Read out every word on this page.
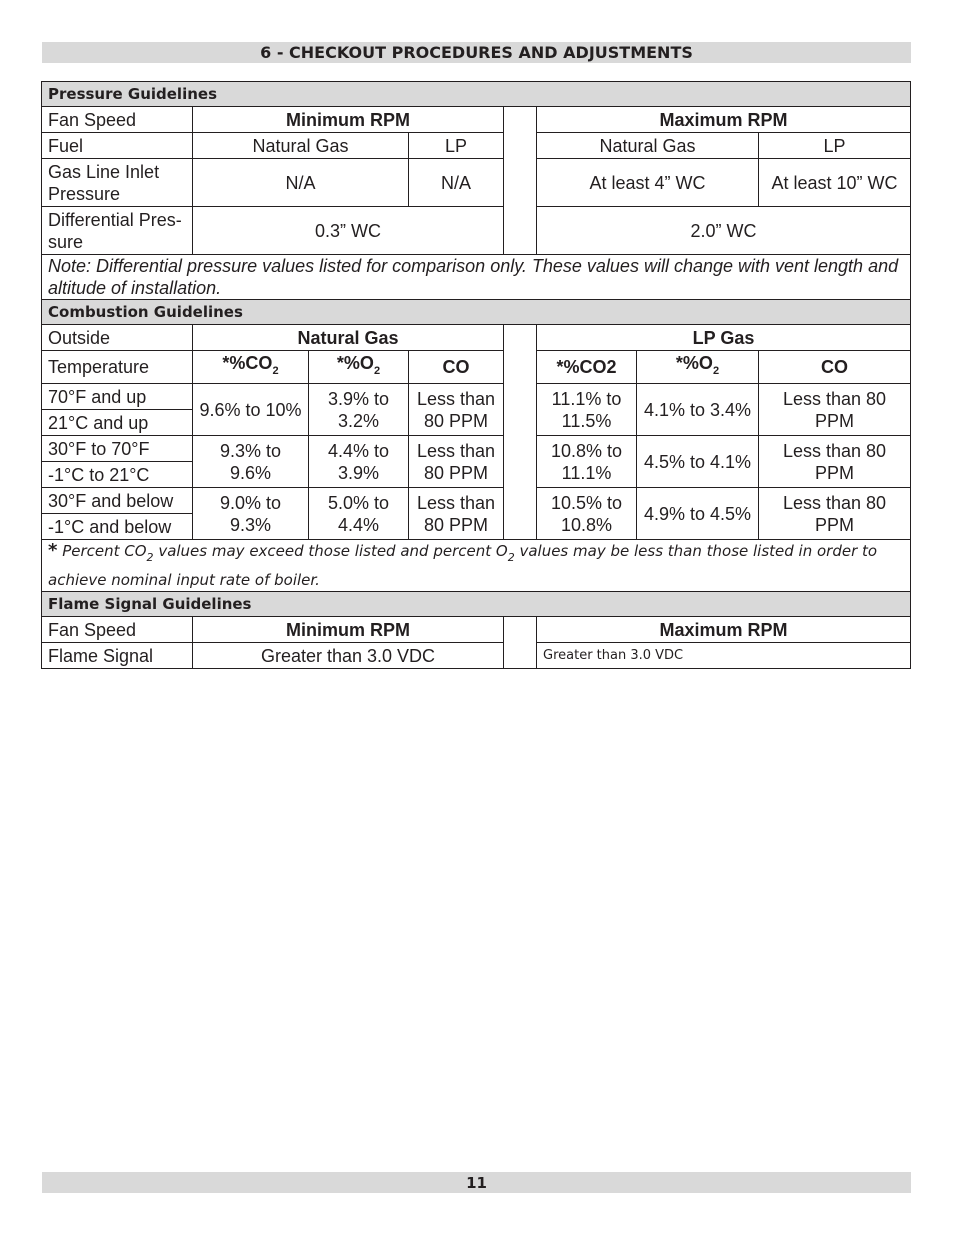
6 - CHECKOUT PROCEDURES AND ADJUSTMENTS
Pressure Guidelines							
Fan Speed	Minimum RPM				Maximum RPM		
Fuel	Natural Gas		LP		Natural Gas		LP
Gas Line Inlet Pressure	N/A		N/A		At least 4” WC		At least 10” WC
Differential Pres-sure	0.3” WC				2.0” WC		
Note: Differential pressure values listed for comparison only. These values will change with vent length and altitude of installation.							
Combustion Guidelines							
Outside	Natural Gas				LP Gas		
Temperature	$*\%CO_2$	$*\%O_2$	CO		*%CO2	$*\%O_2$	CO
70°F and up	9.6% to 10%	3.9% to 3.2%	Less than 80 PPM		11.1% to 11.5%	4.1% to 3.4%	Less than 80 PPM
21°C and up							
30°F to 70°F	9.3% to 9.6%	4.4% to 3.9%	Less than 80 PPM		10.8% to 11.1%	4.5% to 4.1%	Less than 80 PPM
-1°C to 21°C							
30°F and below	9.0% to 9.3%	5.0% to 4.4%	Less than 80 PPM		10.5% to 10.8%	4.9% to 4.5%	Less than 80 PPM
-1°C and below							
* Percent $CO_2$ values may exceed those listed and percent $O_2$ values may be less than those listed in order to achieve nominal input rate of boiler.							
Flame Signal Guidelines							
Fan Speed	Minimum RPM				Maximum RPM		
Flame Signal	Greater than 3.0 VDC				Greater than 3.0 VDC		
11
